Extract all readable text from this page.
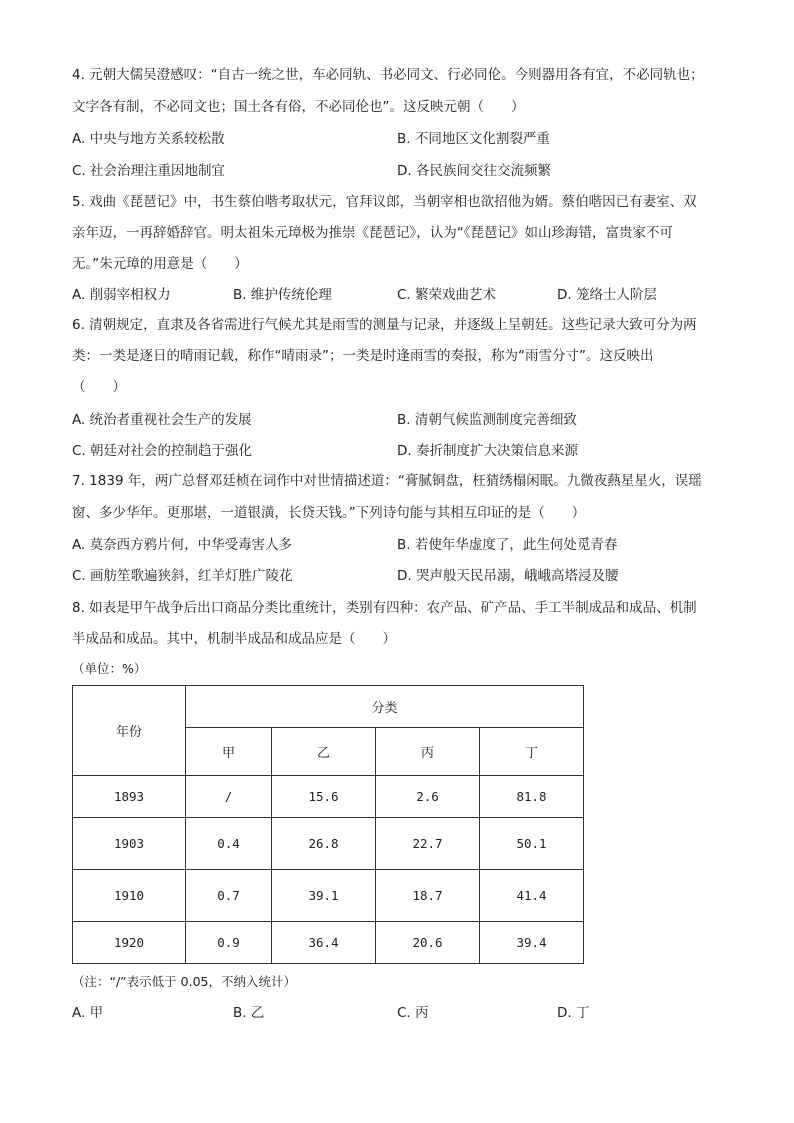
4. 元朝大儒吴澄感叹：“自古一统之世，车必同轨、书必同文、行必同伦。今则器用各有宜，不必同轨也；
文字各有制，不必同文也；国土各有俗，不必同伦也”。这反映元朝（　　）
A. 中央与地方关系较松散	B. 不同地区文化割裂严重
C. 社会治理注重因地制宜	D. 各民族间交往交流频繁
5. 戏曲《琵琶记》中，书生蔡伯喈考取状元，官拜议郎，当朝宰相也欲招他为婿。蔡伯喈因已有妻室、双
亲年迈，一再辞婚辞官。明太祖朱元璋极为推崇《琵琶记》，认为“《琵琶记》如山珍海错，富贵家不可
无。”朱元璋的用意是（　　）
A. 削弱宰相权力	B. 维护传统伦理	C. 繁荣戏曲艺术	D. 笼络士人阶层
6. 清朝规定，直隶及各省需进行气候尤其是雨雪的测量与记录，并逐级上呈朝廷。这些记录大致可分为两
类：一类是逐日的晴雨记载，称作“晴雨录”；一类是时逢雨雪的奏报，称为“雨雪分寸”。这反映出
（　　）
A. 统治者重视社会生产的发展	B. 清朝气候监测制度完善细致
C. 朝廷对社会的控制趋于强化	D. 奏折制度扩大决策信息来源
7. 1839 年，两广总督邓廷桢在词作中对世情描述道：“膏腻铜盘，枉猜绣榻闲眠。九微夜爇星星火，误瑶
窗、多少华年。更那堪，一道银潢，长贷天钱。”下列诗句能与其相互印证的是（　　）
A. 莫奈西方鸦片何，中华受毒害人多	B. 若使年华虚度了，此生何处觅青春
C. 画舫笙歌遍狭斜，红羊灯胜广陵花	D. 哭声般天民吊溺，峨峨高塔浸及腰
8. 如表是甲午战争后出口商品分类比重统计，类别有四种：农产品、矿产品、手工半制成品和成品、机制
半成品和成品。其中，机制半成品和成品应是（　　）
（单位：%）
年份	分类			
	甲	乙	丙	丁
1893	/	15.6	2.6	81.8
1903	0.4	26.8	22.7	50.1
1910	0.7	39.1	18.7	41.4
1920	0.9	36.4	20.6	39.4
（注：“/”表示低于 0.05，不纳入统计）
A. 甲	B. 乙	C. 丙	D. 丁
